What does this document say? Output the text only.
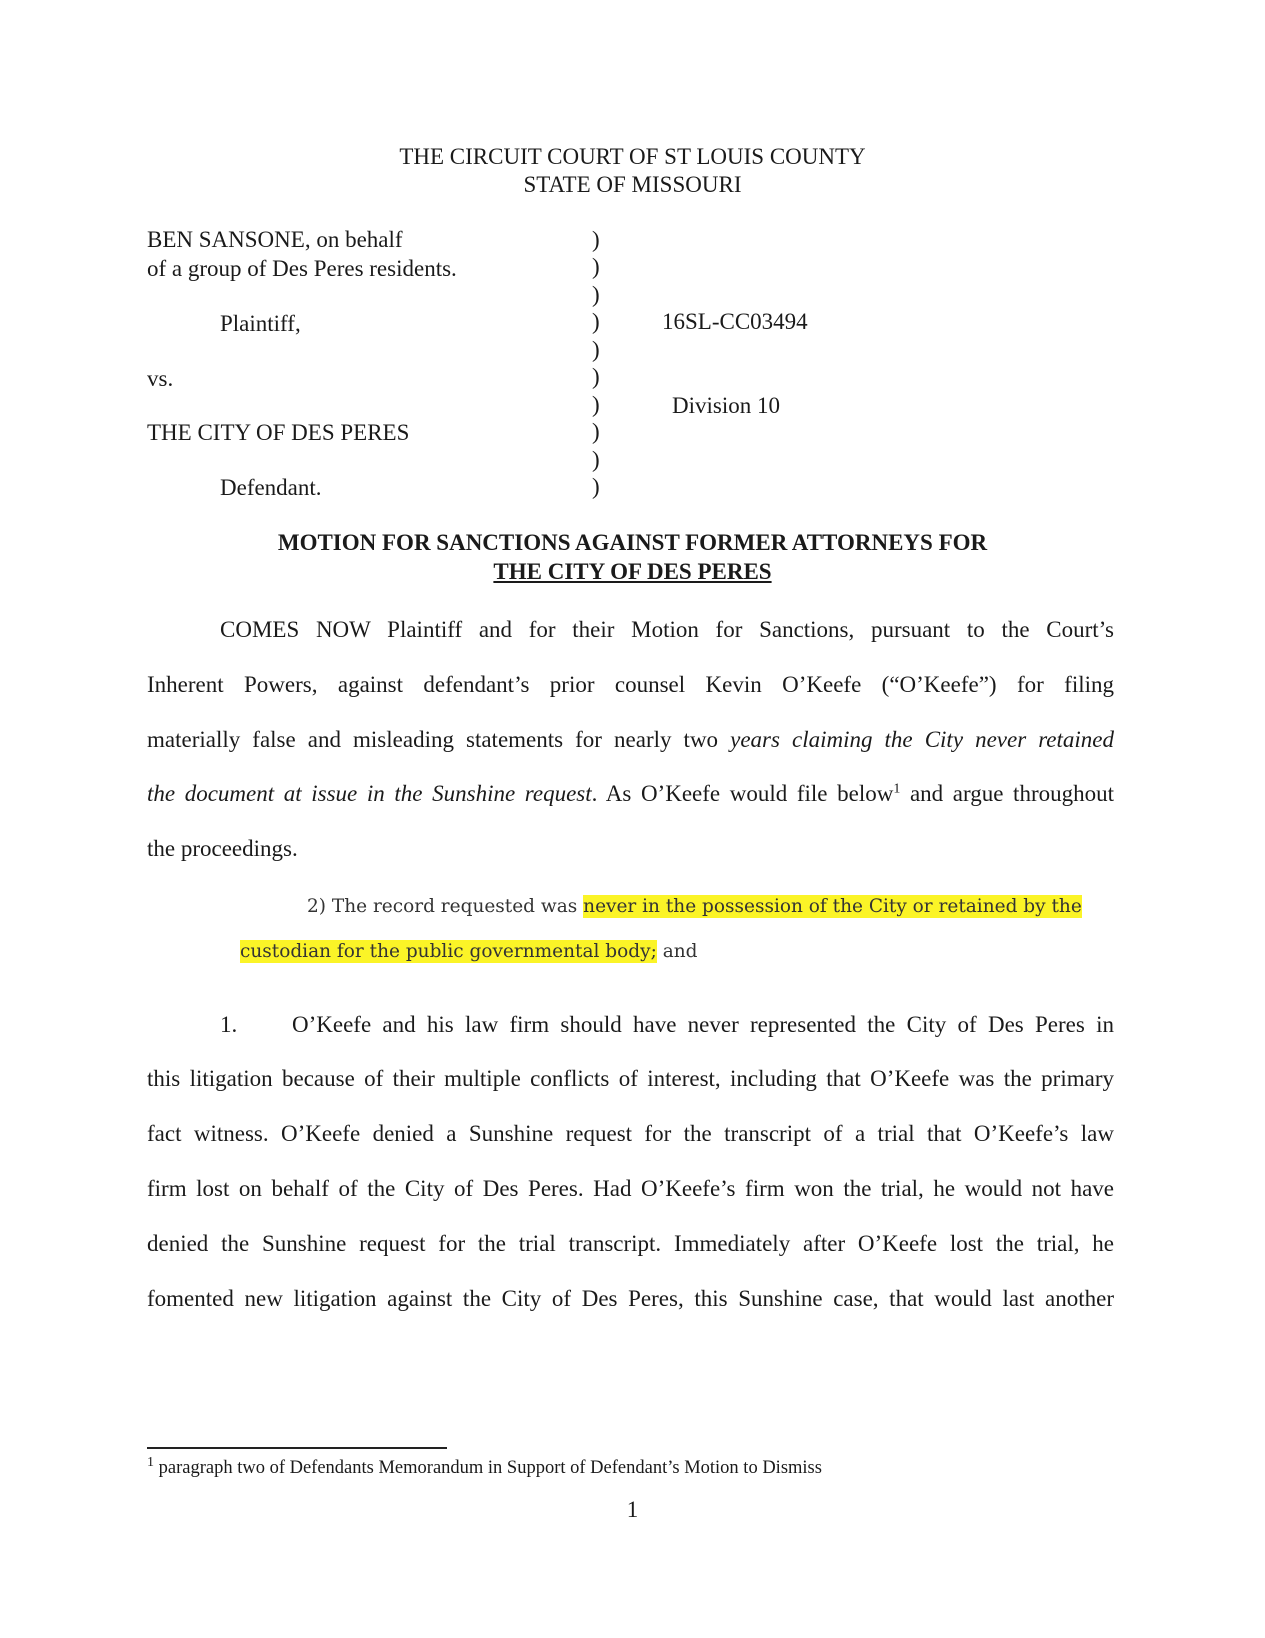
THE CIRCUIT COURT OF ST LOUIS COUNTY
STATE OF MISSOURI
BEN SANSONE, on behalf
of a group of Des Peres residents.
Plaintiff,
vs.
THE CITY OF DES PERES
Defendant.
)
)
)
)
)
)
)
)
)
)
16SL-CC03494
Division 10
MOTION FOR SANCTIONS AGAINST FORMER ATTORNEYS FOR
THE CITY OF DES PERES
COMES NOW Plaintiff and for their Motion for Sanctions, pursuant to the Court’s
Inherent Powers, against defendant’s prior counsel Kevin O’Keefe (“O’Keefe”) for filing
materially false and misleading statements for nearly two years claiming the City never retained
the document at issue in the Sunshine request. As O’Keefe would file below$^1$ and argue throughout
the proceedings.
2) The record requested was never in the possession of the City or retained by the
custodian for the public governmental body; and
1. O’Keefe and his law firm should have never represented the City of Des Peres in
this litigation because of their multiple conflicts of interest, including that O’Keefe was the primary
fact witness. O’Keefe denied a Sunshine request for the transcript of a trial that O’Keefe’s law
firm lost on behalf of the City of Des Peres. Had O’Keefe’s firm won the trial, he would not have
denied the Sunshine request for the trial transcript. Immediately after O’Keefe lost the trial, he
fomented new litigation against the City of Des Peres, this Sunshine case, that would last another
$^1$ paragraph two of Defendants Memorandum in Support of Defendant’s Motion to Dismiss
1
